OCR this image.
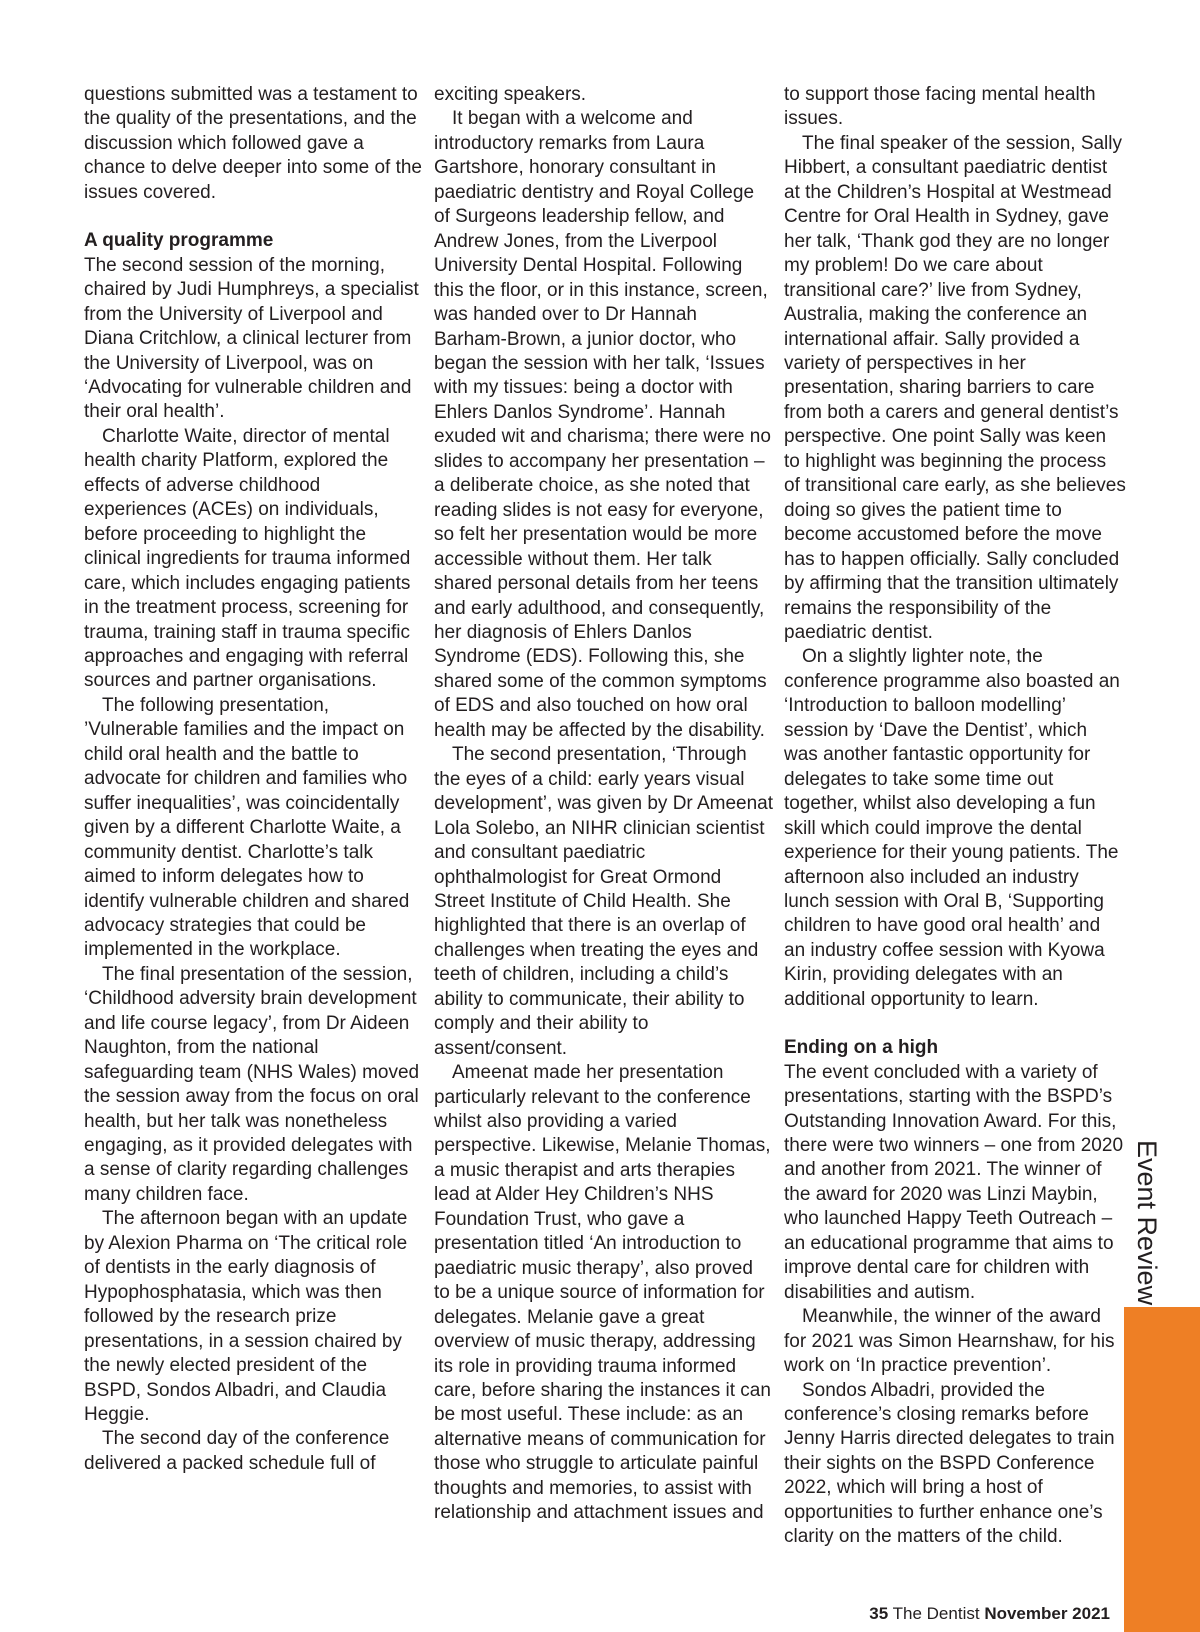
questions submitted was a testament to the quality of the presentations, and the discussion which followed gave a chance to delve deeper into some of the issues covered.

A quality programme

The second session of the morning, chaired by Judi Humphreys, a specialist from the University of Liverpool and Diana Critchlow, a clinical lecturer from the University of Liverpool, was on ‘Advocating for vulnerable children and their oral health’.

Charlotte Waite, director of mental health charity Platform, explored the effects of adverse childhood experiences (ACEs) on individuals, before proceeding to highlight the clinical ingredients for trauma informed care, which includes engaging patients in the treatment process, screening for trauma, training staff in trauma specific approaches and engaging with referral sources and partner organisations.

The following presentation, ’Vulnerable families and the impact on child oral health and the battle to advocate for children and families who suffer inequalities’, was coincidentally given by a different Charlotte Waite, a community dentist. Charlotte’s talk aimed to inform delegates how to identify vulnerable children and shared advocacy strategies that could be implemented in the workplace.

The final presentation of the session, ‘Childhood adversity brain development and life course legacy’, from Dr Aideen Naughton, from the national safeguarding team (NHS Wales) moved the session away from the focus on oral health, but her talk was nonetheless engaging, as it provided delegates with a sense of clarity regarding challenges many children face.

The afternoon began with an update by Alexion Pharma on ‘The critical role of dentists in the early diagnosis of Hypophosphatasia, which was then followed by the research prize presentations, in a session chaired by the newly elected president of the BSPD, Sondos Albadri, and Claudia Heggie.

The second day of the conference delivered a packed schedule full of

exciting speakers.

It began with a welcome and introductory remarks from Laura Gartshore, honorary consultant in paediatric dentistry and Royal College of Surgeons leadership fellow, and Andrew Jones, from the Liverpool University Dental Hospital. Following this the floor, or in this instance, screen, was handed over to Dr Hannah Barham-Brown, a junior doctor, who began the session with her talk, ‘Issues with my tissues: being a doctor with Ehlers Danlos Syndrome’. Hannah exuded wit and charisma; there were no slides to accompany her presentation – a deliberate choice, as she noted that reading slides is not easy for everyone, so felt her presentation would be more accessible without them. Her talk shared personal details from her teens and early adulthood, and consequently, her diagnosis of Ehlers Danlos Syndrome (EDS). Following this, she shared some of the common symptoms of EDS and also touched on how oral health may be affected by the disability.

The second presentation, ‘Through the eyes of a child: early years visual development’, was given by Dr Ameenat Lola Solebo, an NIHR clinician scientist and consultant paediatric ophthalmologist for Great Ormond Street Institute of Child Health. She highlighted that there is an overlap of challenges when treating the eyes and teeth of children, including a child’s ability to communicate, their ability to comply and their ability to assent/consent.

Ameenat made her presentation particularly relevant to the conference whilst also providing a varied perspective. Likewise, Melanie Thomas, a music therapist and arts therapies lead at Alder Hey Children’s NHS Foundation Trust, who gave a presentation titled ‘An introduction to paediatric music therapy’, also proved to be a unique source of information for delegates. Melanie gave a great overview of music therapy, addressing its role in providing trauma informed care, before sharing the instances it can be most useful. These include: as an alternative means of communication for those who struggle to articulate painful thoughts and memories, to assist with relationship and attachment issues and

to support those facing mental health issues.

The final speaker of the session, Sally Hibbert, a consultant paediatric dentist at the Children’s Hospital at Westmead Centre for Oral Health in Sydney, gave her talk, ‘Thank god they are no longer my problem! Do we care about transitional care?’ live from Sydney, Australia, making the conference an international affair. Sally provided a variety of perspectives in her presentation, sharing barriers to care from both a carers and general dentist’s perspective. One point Sally was keen to highlight was beginning the process of transitional care early, as she believes doing so gives the patient time to become accustomed before the move has to happen officially. Sally concluded by affirming that the transition ultimately remains the responsibility of the paediatric dentist.

On a slightly lighter note, the conference programme also boasted an ‘Introduction to balloon modelling’ session by ‘Dave the Dentist’, which was another fantastic opportunity for delegates to take some time out together, whilst also developing a fun skill which could improve the dental experience for their young patients. The afternoon also included an industry lunch session with Oral B, ‘Supporting children to have good oral health’ and an industry coffee session with Kyowa Kirin, providing delegates with an additional opportunity to learn.

Ending on a high

The event concluded with a variety of presentations, starting with the BSPD’s Outstanding Innovation Award. For this, there were two winners – one from 2020 and another from 2021. The winner of the award for 2020 was Linzi Maybin, who launched Happy Teeth Outreach – an educational programme that aims to improve dental care for children with disabilities and autism.

Meanwhile, the winner of the award for 2021 was Simon Hearnshaw, for his work on ‘In practice prevention’.

Sondos Albadri, provided the conference’s closing remarks before Jenny Harris directed delegates to train their sights on the BSPD Conference 2022, which will bring a host of opportunities to further enhance one’s clarity on the matters of the child.

Event Review
35 The Dentist November 2021
